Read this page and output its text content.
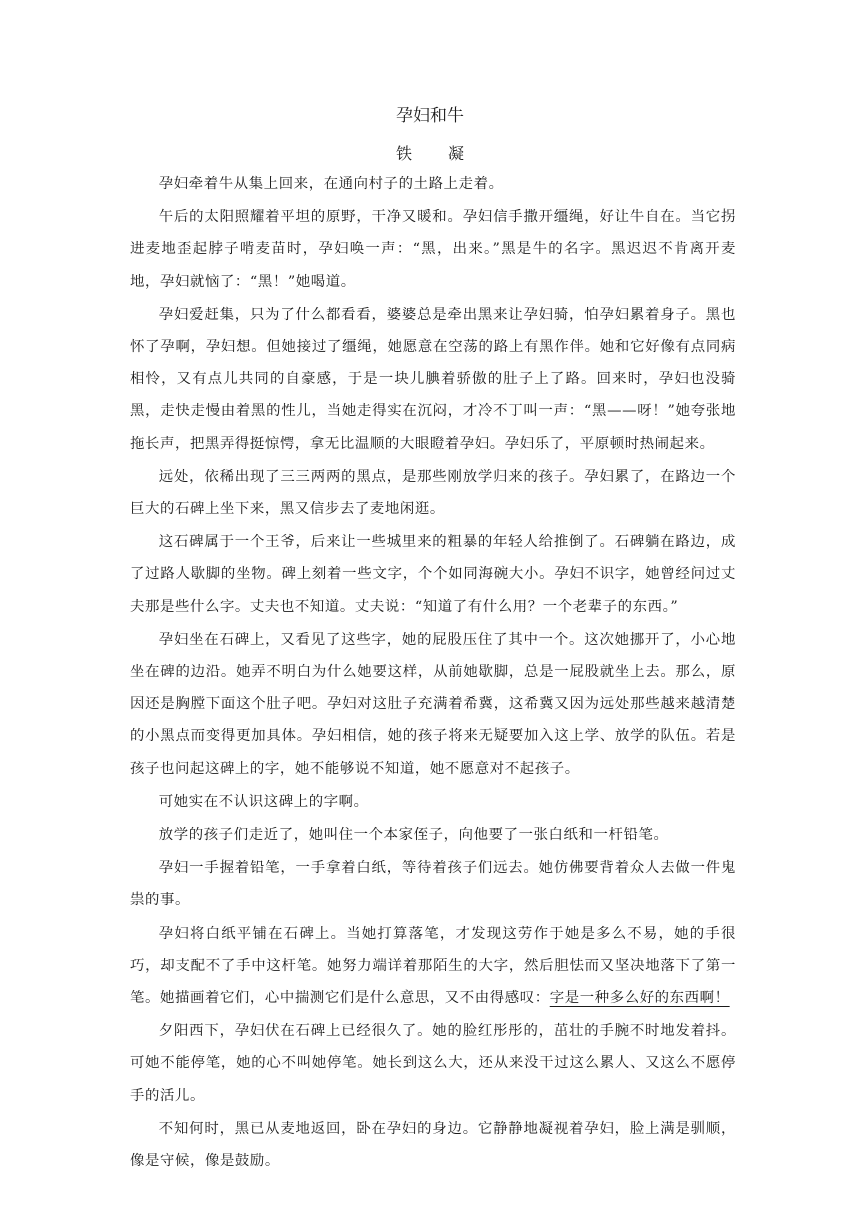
孕妇和牛
铁　凝

孕妇牵着牛从集上回来，在通向村子的土路上走着。

午后的太阳照耀着平坦的原野，干净又暖和。孕妇信手撒开缰绳，好让牛自在。当它拐进麦地歪起脖子啃麦苗时，孕妇唤一声：“黑，出来。”黑是牛的名字。黑迟迟不肯离开麦地，孕妇就恼了：“黑！”她喝道。

孕妇爱赶集，只为了什么都看看，婆婆总是牵出黑来让孕妇骑，怕孕妇累着身子。黑也怀了孕啊，孕妇想。但她接过了缰绳，她愿意在空荡的路上有黑作伴。她和它好像有点同病相怜，又有点儿共同的自豪感，于是一块儿腆着骄傲的肚子上了路。回来时，孕妇也没骑黑，走快走慢由着黑的性儿，当她走得实在沉闷，才冷不丁叫一声：“黑——呀！”她夸张地拖长声，把黑弄得挺惊愕，拿无比温顺的大眼瞪着孕妇。孕妇乐了，平原顿时热闹起来。

远处，依稀出现了三三两两的黑点，是那些刚放学归来的孩子。孕妇累了，在路边一个巨大的石碑上坐下来，黑又信步去了麦地闲逛。

这石碑属于一个王爷，后来让一些城里来的粗暴的年轻人给推倒了。石碑躺在路边，成了过路人歇脚的坐物。碑上刻着一些文字，个个如同海碗大小。孕妇不识字，她曾经问过丈夫那是些什么字。丈夫也不知道。丈夫说：“知道了有什么用？一个老辈子的东西。”

孕妇坐在石碑上，又看见了这些字，她的屁股压住了其中一个。这次她挪开了，小心地坐在碑的边沿。她弄不明白为什么她要这样，从前她歇脚，总是一屁股就坐上去。那么，原因还是胸膛下面这个肚子吧。孕妇对这肚子充满着希冀，这希冀又因为远处那些越来越清楚的小黑点而变得更加具体。孕妇相信，她的孩子将来无疑要加入这上学、放学的队伍。若是孩子也问起这碑上的字，她不能够说不知道，她不愿意对不起孩子。

可她实在不认识这碑上的字啊。

放学的孩子们走近了，她叫住一个本家侄子，向他要了一张白纸和一杆铅笔。

孕妇一手握着铅笔，一手拿着白纸，等待着孩子们远去。她仿佛要背着众人去做一件鬼祟的事。

孕妇将白纸平铺在石碑上。当她打算落笔，才发现这劳作于她是多么不易，她的手很巧，却支配不了手中这杆笔。她努力端详着那陌生的大字，然后胆怯而又坚决地落下了第一笔。她描画着它们，心中揣测它们是什么意思，又不由得感叹：字是一种多么好的东西啊！

夕阳西下，孕妇伏在石碑上已经很久了。她的脸红彤彤的，茁壮的手腕不时地发着抖。可她不能停笔，她的心不叫她停笔。她长到这么大，还从来没干过这么累人、又这么不愿停手的活儿。

不知何时，黑已从麦地返回，卧在孕妇的身边。它静静地凝视着孕妇，脸上满是驯顺，像是守候，像是鼓励。
